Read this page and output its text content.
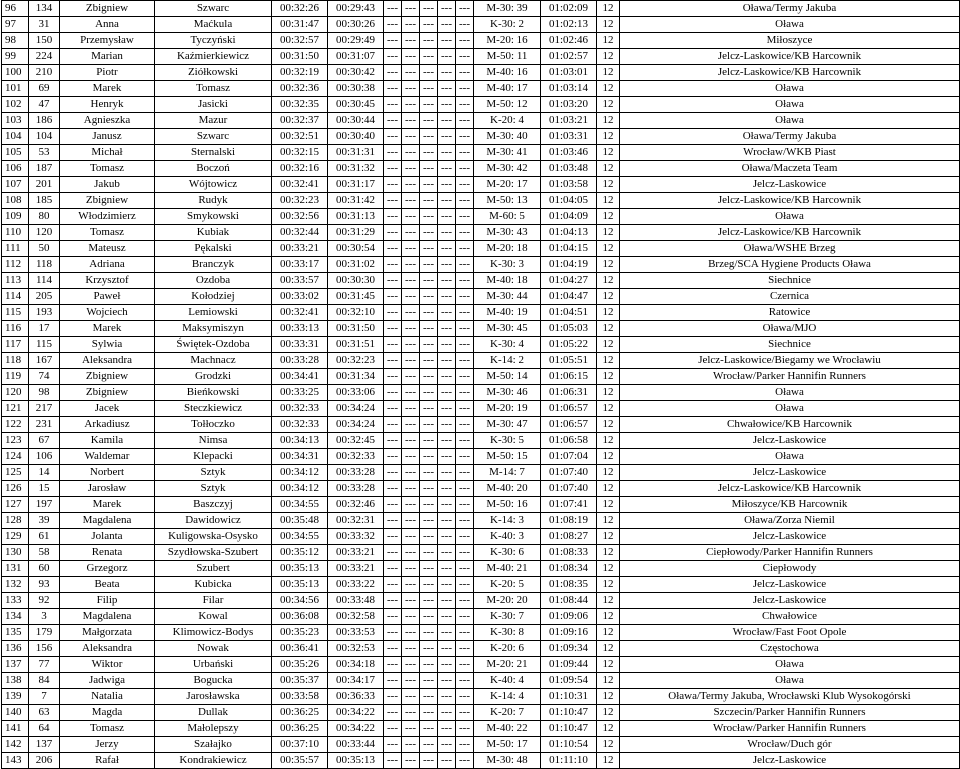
96	134	Zbigniew	Szwarc	00:32:26	00:29:43	---	---	---	---	---	M-30: 39	01:02:09	12	Oława/Termy Jakuba
97	31	Anna	Maćkula	00:31:47	00:30:26	---	---	---	---	---	K-30: 2	01:02:13	12	Oława
98	150	Przemysław	Tyczyński	00:32:57	00:29:49	---	---	---	---	---	M-20: 16	01:02:46	12	Miłoszyce
99	224	Marian	Kaźmierkiewicz	00:31:50	00:31:07	---	---	---	---	---	M-50: 11	01:02:57	12	Jelcz-Laskowice/KB Harcownik
100	210	Piotr	Ziółkowski	00:32:19	00:30:42	---	---	---	---	---	M-40: 16	01:03:01	12	Jelcz-Laskowice/KB Harcownik
101	69	Marek	Tomasz	00:32:36	00:30:38	---	---	---	---	---	M-40: 17	01:03:14	12	Oława
102	47	Henryk	Jasicki	00:32:35	00:30:45	---	---	---	---	---	M-50: 12	01:03:20	12	Oława
103	186	Agnieszka	Mazur	00:32:37	00:30:44	---	---	---	---	---	K-20: 4	01:03:21	12	Oława
104	104	Janusz	Szwarc	00:32:51	00:30:40	---	---	---	---	---	M-30: 40	01:03:31	12	Oława/Termy Jakuba
105	53	Michał	Sternalski	00:32:15	00:31:31	---	---	---	---	---	M-30: 41	01:03:46	12	Wrocław/WKB Piast
106	187	Tomasz	Boczoń	00:32:16	00:31:32	---	---	---	---	---	M-30: 42	01:03:48	12	Oława/Maczeta Team
107	201	Jakub	Wójtowicz	00:32:41	00:31:17	---	---	---	---	---	M-20: 17	01:03:58	12	Jelcz-Laskowice
108	185	Zbigniew	Rudyk	00:32:23	00:31:42	---	---	---	---	---	M-50: 13	01:04:05	12	Jelcz-Laskowice/KB Harcownik
109	80	Włodzimierz	Smykowski	00:32:56	00:31:13	---	---	---	---	---	M-60: 5	01:04:09	12	Oława
110	120	Tomasz	Kubiak	00:32:44	00:31:29	---	---	---	---	---	M-30: 43	01:04:13	12	Jelcz-Laskowice/KB Harcownik
111	50	Mateusz	Pękalski	00:33:21	00:30:54	---	---	---	---	---	M-20: 18	01:04:15	12	Oława/WSHE Brzeg
112	118	Adriana	Branczyk	00:33:17	00:31:02	---	---	---	---	---	K-30: 3	01:04:19	12	Brzeg/SCA Hygiene Products Oława
113	114	Krzysztof	Ozdoba	00:33:57	00:30:30	---	---	---	---	---	M-40: 18	01:04:27	12	Siechnice
114	205	Paweł	Kołodziej	00:33:02	00:31:45	---	---	---	---	---	M-30: 44	01:04:47	12	Czernica
115	193	Wojciech	Lemiowski	00:32:41	00:32:10	---	---	---	---	---	M-40: 19	01:04:51	12	Ratowice
116	17	Marek	Maksymiszyn	00:33:13	00:31:50	---	---	---	---	---	M-30: 45	01:05:03	12	Oława/MJO
117	115	Sylwia	Świętek-Ozdoba	00:33:31	00:31:51	---	---	---	---	---	K-30: 4	01:05:22	12	Siechnice
118	167	Aleksandra	Machnacz	00:33:28	00:32:23	---	---	---	---	---	K-14: 2	01:05:51	12	Jelcz-Laskowice/Biegamy we Wrocławiu
119	74	Zbigniew	Grodzki	00:34:41	00:31:34	---	---	---	---	---	M-50: 14	01:06:15	12	Wrocław/Parker Hannifin Runners
120	98	Zbigniew	Bieńkowski	00:33:25	00:33:06	---	---	---	---	---	M-30: 46	01:06:31	12	Oława
121	217	Jacek	Steczkiewicz	00:32:33	00:34:24	---	---	---	---	---	M-20: 19	01:06:57	12	Oława
122	231	Arkadiusz	Tołłoczko	00:32:33	00:34:24	---	---	---	---	---	M-30: 47	01:06:57	12	Chwałowice/KB Harcownik
123	67	Kamila	Nimsa	00:34:13	00:32:45	---	---	---	---	---	K-30: 5	01:06:58	12	Jelcz-Laskowice
124	106	Waldemar	Klepacki	00:34:31	00:32:33	---	---	---	---	---	M-50: 15	01:07:04	12	Oława
125	14	Norbert	Sztyk	00:34:12	00:33:28	---	---	---	---	---	M-14: 7	01:07:40	12	Jelcz-Laskowice
126	15	Jarosław	Sztyk	00:34:12	00:33:28	---	---	---	---	---	M-40: 20	01:07:40	12	Jelcz-Laskowice/KB Harcownik
127	197	Marek	Baszczyj	00:34:55	00:32:46	---	---	---	---	---	M-50: 16	01:07:41	12	Miłoszyce/KB Harcownik
128	39	Magdalena	Dawidowicz	00:35:48	00:32:31	---	---	---	---	---	K-14: 3	01:08:19	12	Oława/Zorza Niemil
129	61	Jolanta	Kuligowska-Osysko	00:34:55	00:33:32	---	---	---	---	---	K-40: 3	01:08:27	12	Jelcz-Laskowice
130	58	Renata	Szydłowska-Szubert	00:35:12	00:33:21	---	---	---	---	---	K-30: 6	01:08:33	12	Ciepłowody/Parker Hannifin Runners
131	60	Grzegorz	Szubert	00:35:13	00:33:21	---	---	---	---	---	M-40: 21	01:08:34	12	Ciepłowody
132	93	Beata	Kubicka	00:35:13	00:33:22	---	---	---	---	---	K-20: 5	01:08:35	12	Jelcz-Laskowice
133	92	Filip	Filar	00:34:56	00:33:48	---	---	---	---	---	M-20: 20	01:08:44	12	Jelcz-Laskowice
134	3	Magdalena	Kowal	00:36:08	00:32:58	---	---	---	---	---	K-30: 7	01:09:06	12	Chwałowice
135	179	Małgorzata	Klimowicz-Bodys	00:35:23	00:33:53	---	---	---	---	---	K-30: 8	01:09:16	12	Wrocław/Fast Foot Opole
136	156	Aleksandra	Nowak	00:36:41	00:32:53	---	---	---	---	---	K-20: 6	01:09:34	12	Częstochowa
137	77	Wiktor	Urbański	00:35:26	00:34:18	---	---	---	---	---	M-20: 21	01:09:44	12	Oława
138	84	Jadwiga	Bogucka	00:35:37	00:34:17	---	---	---	---	---	K-40: 4	01:09:54	12	Oława
139	7	Natalia	Jarosławska	00:33:58	00:36:33	---	---	---	---	---	K-14: 4	01:10:31	12	Oława/Termy Jakuba, Wrocławski Klub Wysokogórski
140	63	Magda	Dullak	00:36:25	00:34:22	---	---	---	---	---	K-20: 7	01:10:47	12	Szczecin/Parker Hannifin Runners
141	64	Tomasz	Małolepszy	00:36:25	00:34:22	---	---	---	---	---	M-40: 22	01:10:47	12	Wrocław/Parker Hannifin Runners
142	137	Jerzy	Szałajko	00:37:10	00:33:44	---	---	---	---	---	M-50: 17	01:10:54	12	Wrocław/Duch gór
143	206	Rafał	Kondrakiewicz	00:35:57	00:35:13	---	---	---	---	---	M-30: 48	01:11:10	12	Jelcz-Laskowice
